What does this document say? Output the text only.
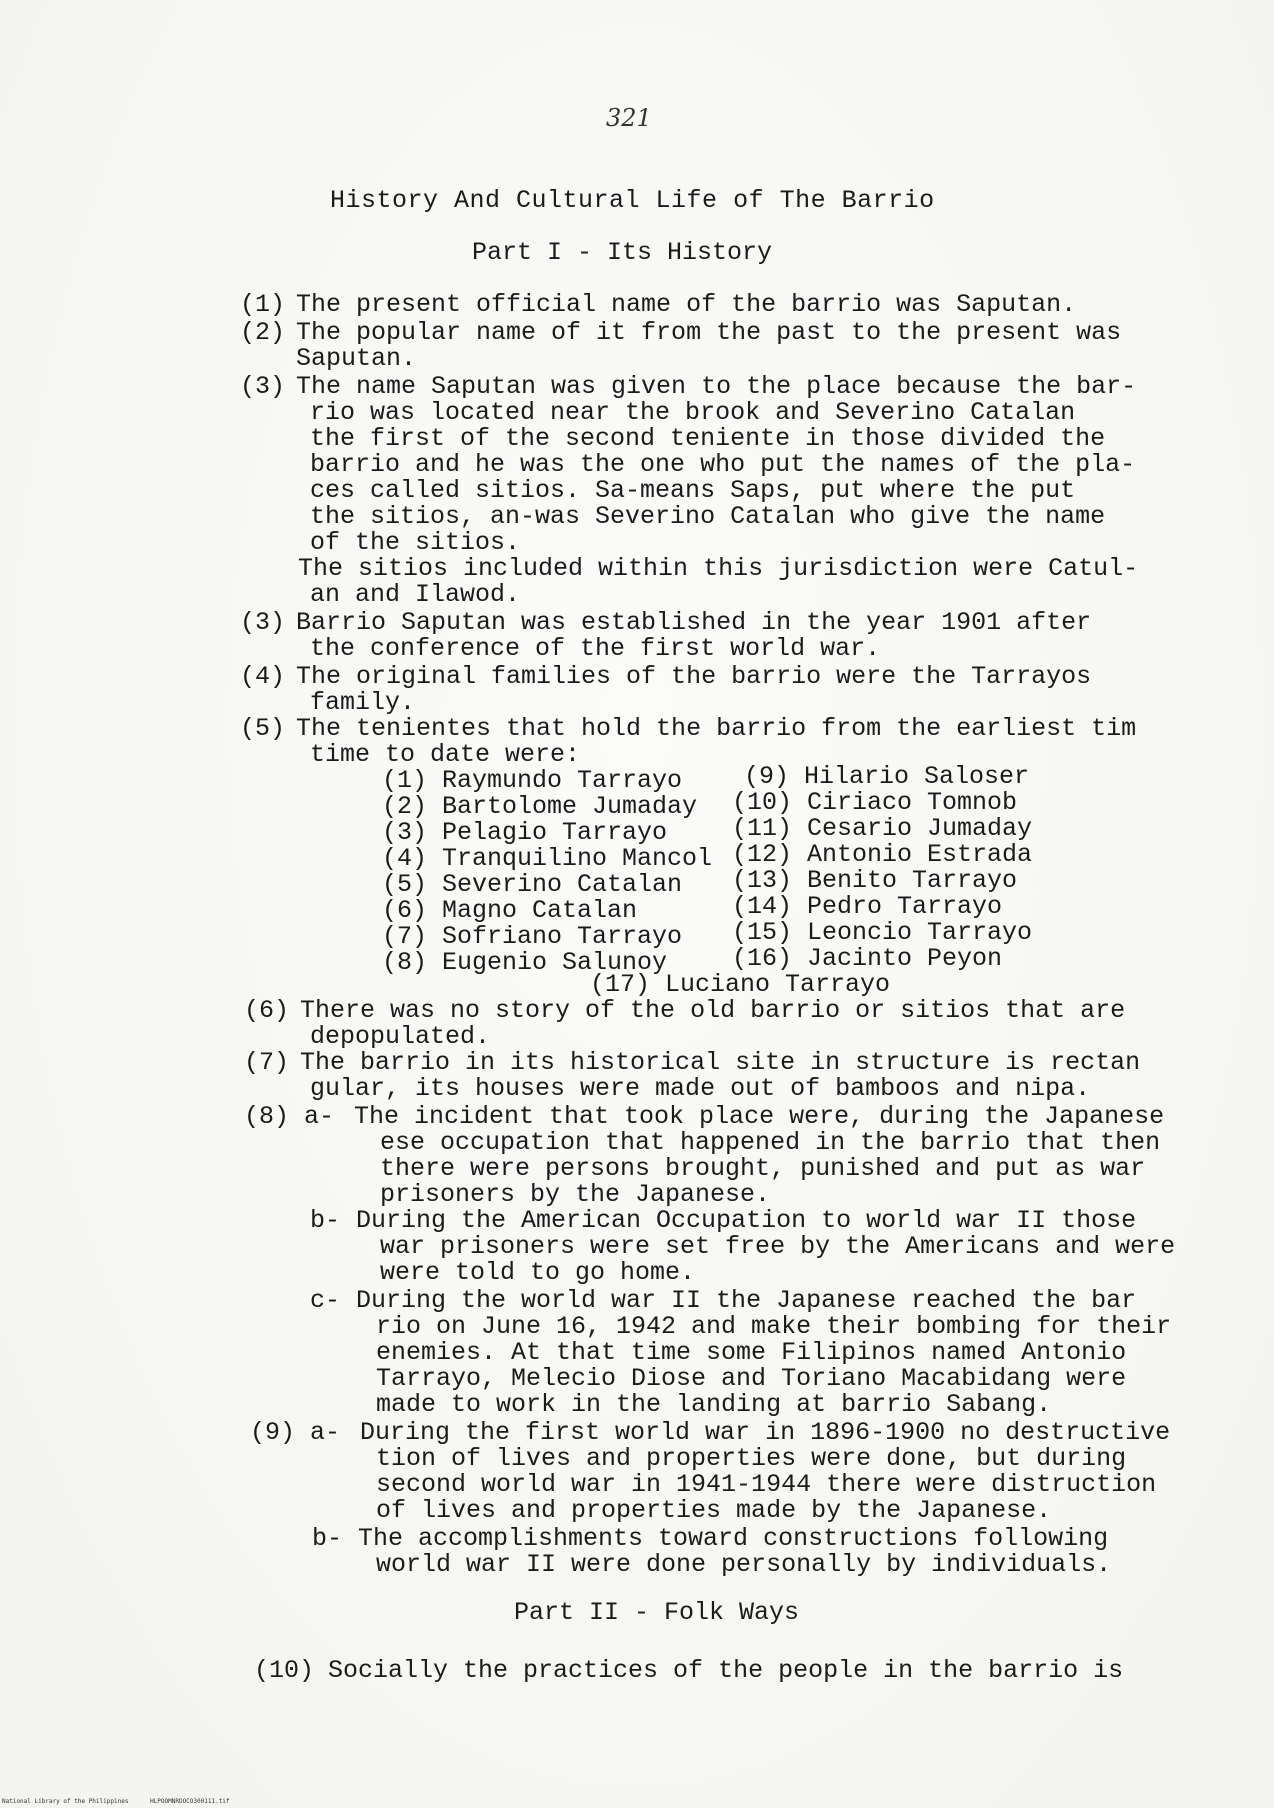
321
History And Cultural Life of The Barrio
Part I - Its History
(1) The present official name of the barrio was Saputan.
(2) The popular name of it from the past to the present was
Saputan.
(3) The name Saputan was given to the place because the bar-
rio was located near the brook and Severino Catalan
the first of the second teniente in those divided the
barrio and he was the one who put the names of the pla-
ces called sitios. Sa-means Saps, put where the put
the sitios, an-was Severino Catalan who give the name
of the sitios.
The sitios included within this jurisdiction were Catul-
an and Ilawod.
(3) Barrio Saputan was established in the year 1901 after
the conference of the first world war.
(4) The original families of the barrio were the Tarrayos
family.
(5) The tenientes that hold the barrio from the earliest tim
time to date were:
(1) Raymundo Tarrayo
(2) Bartolome Jumaday
(3) Pelagio Tarrayo
(4) Tranquilino Mancol
(5) Severino Catalan
(6) Magno Catalan
(7) Sofriano Tarrayo
(8) Eugenio Salunoy
(9) Hilario Saloser
(10) Ciriaco Tomnob
(11) Cesario Jumaday
(12) Antonio Estrada
(13) Benito Tarrayo
(14) Pedro Tarrayo
(15) Leoncio Tarrayo
(16) Jacinto Peyon
(17) Luciano Tarrayo
(6) There was no story of the old barrio or sitios that are
depopulated.
(7) The barrio in its historical site in structure is rectan
gular, its houses were made out of bamboos and nipa.
(8) a- The incident that took place were, during the Japanese
ese occupation that happened in the barrio that then
there were persons brought, punished and put as war
prisoners by the Japanese.
b- During the American Occupation to world war II those
war prisoners were set free by the Americans and were
were told to go home.
c- During the world war II the Japanese reached the bar
rio on June 16, 1942 and make their bombing for their
enemies. At that time some Filipinos named Antonio
Tarrayo, Melecio Diose and Toriano Macabidang were
made to work in the landing at barrio Sabang.
(9) a- During the first world war in 1896-1900 no destructive
tion of lives and properties were done, but during
second world war in 1941-1944 there were distruction
of lives and properties made by the Japanese.
b- The accomplishments toward constructions following
world war II were done personally by individuals.
Part II - Folk Ways
(10) Socially the practices of the people in the barrio is
National Library of the Philippines	HLPOOMNRDOCO300111.tif
